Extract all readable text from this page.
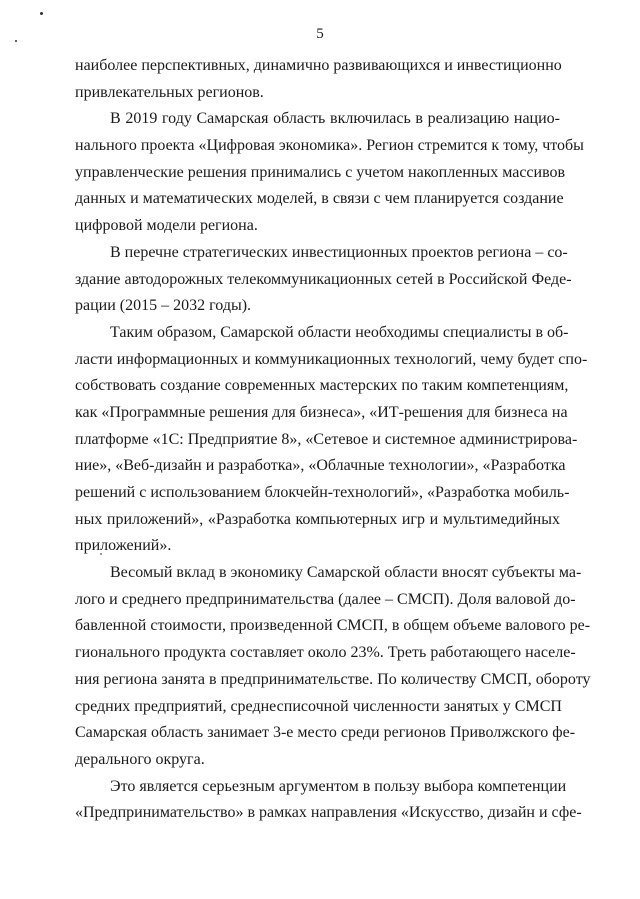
5
наиболее перспективных, динамично развивающихся и инвестиционно
привлекательных регионов.
В 2019 году Самарская область включилась в реализацию нацио-
нального проекта «Цифровая экономика». Регион стремится к тому, чтобы
управленческие решения принимались с учетом накопленных массивов
данных и математических моделей, в связи с чем планируется создание
цифровой модели региона.
В перечне стратегических инвестиционных проектов региона – со-
здание автодорожных телекоммуникационных сетей в Российской Феде-
рации (2015 – 2032 годы).
Таким образом, Самарской области необходимы специалисты в об-
ласти информационных и коммуникационных технологий, чему будет спо-
собствовать создание современных мастерских по таким компетенциям,
как «Программные решения для бизнеса», «ИТ-решения для бизнеса на
платформе «1С: Предприятие 8», «Сетевое и системное администрирова-
ние», «Веб-дизайн и разработка», «Облачные технологии», «Разработка
решений с использованием блокчейн-технологий», «Разработка мобиль-
ных приложений», «Разработка компьютерных игр и мультимедийных
приложений».
Весомый вклад в экономику Самарской области вносят субъекты ма-
лого и среднего предпринимательства (далее – СМСП). Доля валовой до-
бавленной стоимости, произведенной СМСП, в общем объеме валового ре-
гионального продукта составляет около 23%. Треть работающего населе-
ния региона занята в предпринимательстве. По количеству СМСП, обороту
средних предприятий, среднесписочной численности занятых у СМСП
Самарская область занимает 3-е место среди регионов Приволжского фе-
дерального округа.
Это является серьезным аргументом в пользу выбора компетенции
«Предпринимательство» в рамках направления «Искусство, дизайн и сфе-
